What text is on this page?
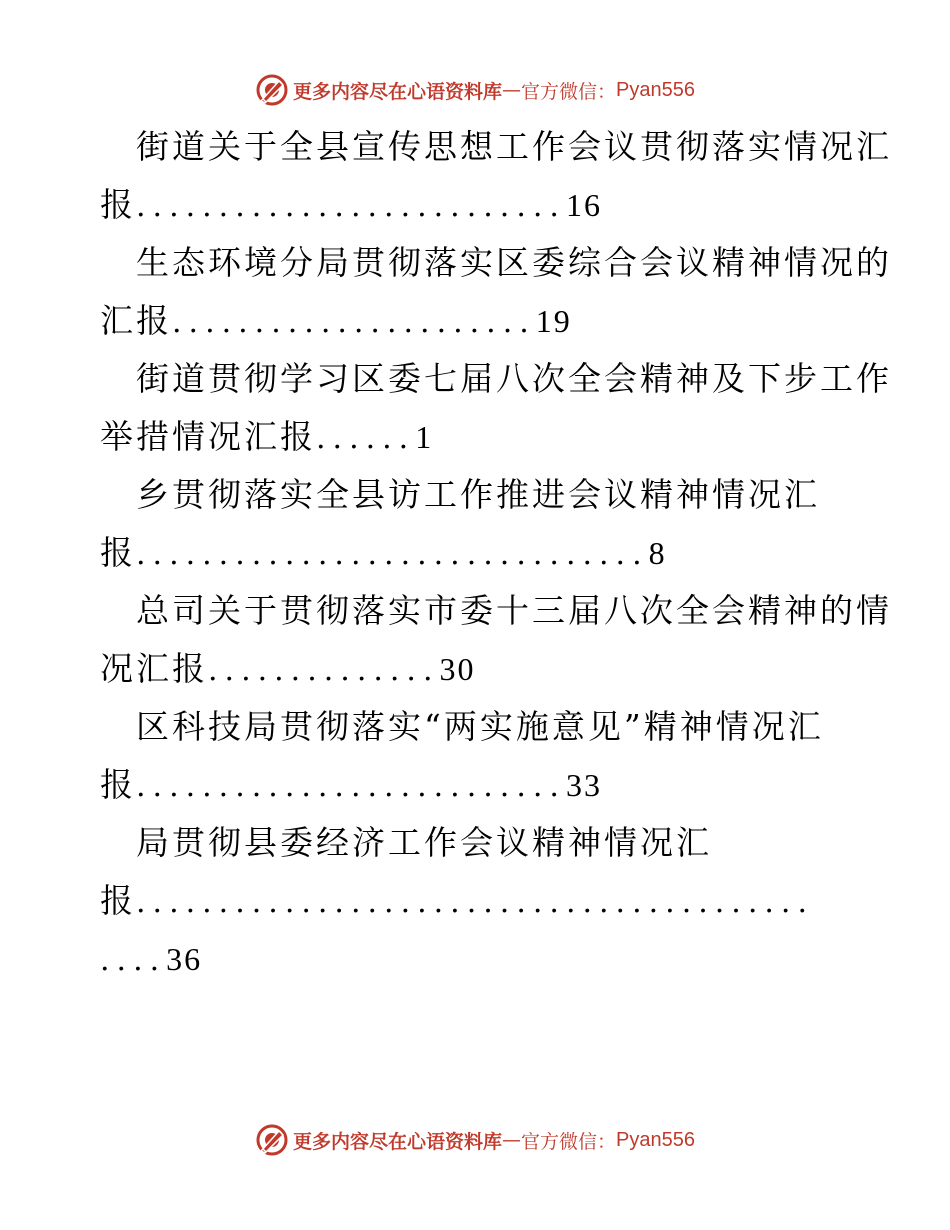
更多内容尽在心语资料库 — 官方微信： Pyan556
街道关于全县宣传思想工作会议贯彻落实情况汇
报..........................16
生态环境分局贯彻落实区委综合会议精神情况的
汇报......................19
街道贯彻学习区委七届八次全会精神及下步工作
举措情况汇报......1
乡贯彻落实全县访工作推进会议精神情况汇
报...............................8
总司关于贯彻落实市委十三届八次全会精神的情
况汇报..............30
区科技局贯彻落实“两实施意见”精神情况汇
报..........................33
局贯彻县委经济工作会议精神情况汇
报.........................................
....36
更多内容尽在心语资料库 — 官方微信： Pyan556
